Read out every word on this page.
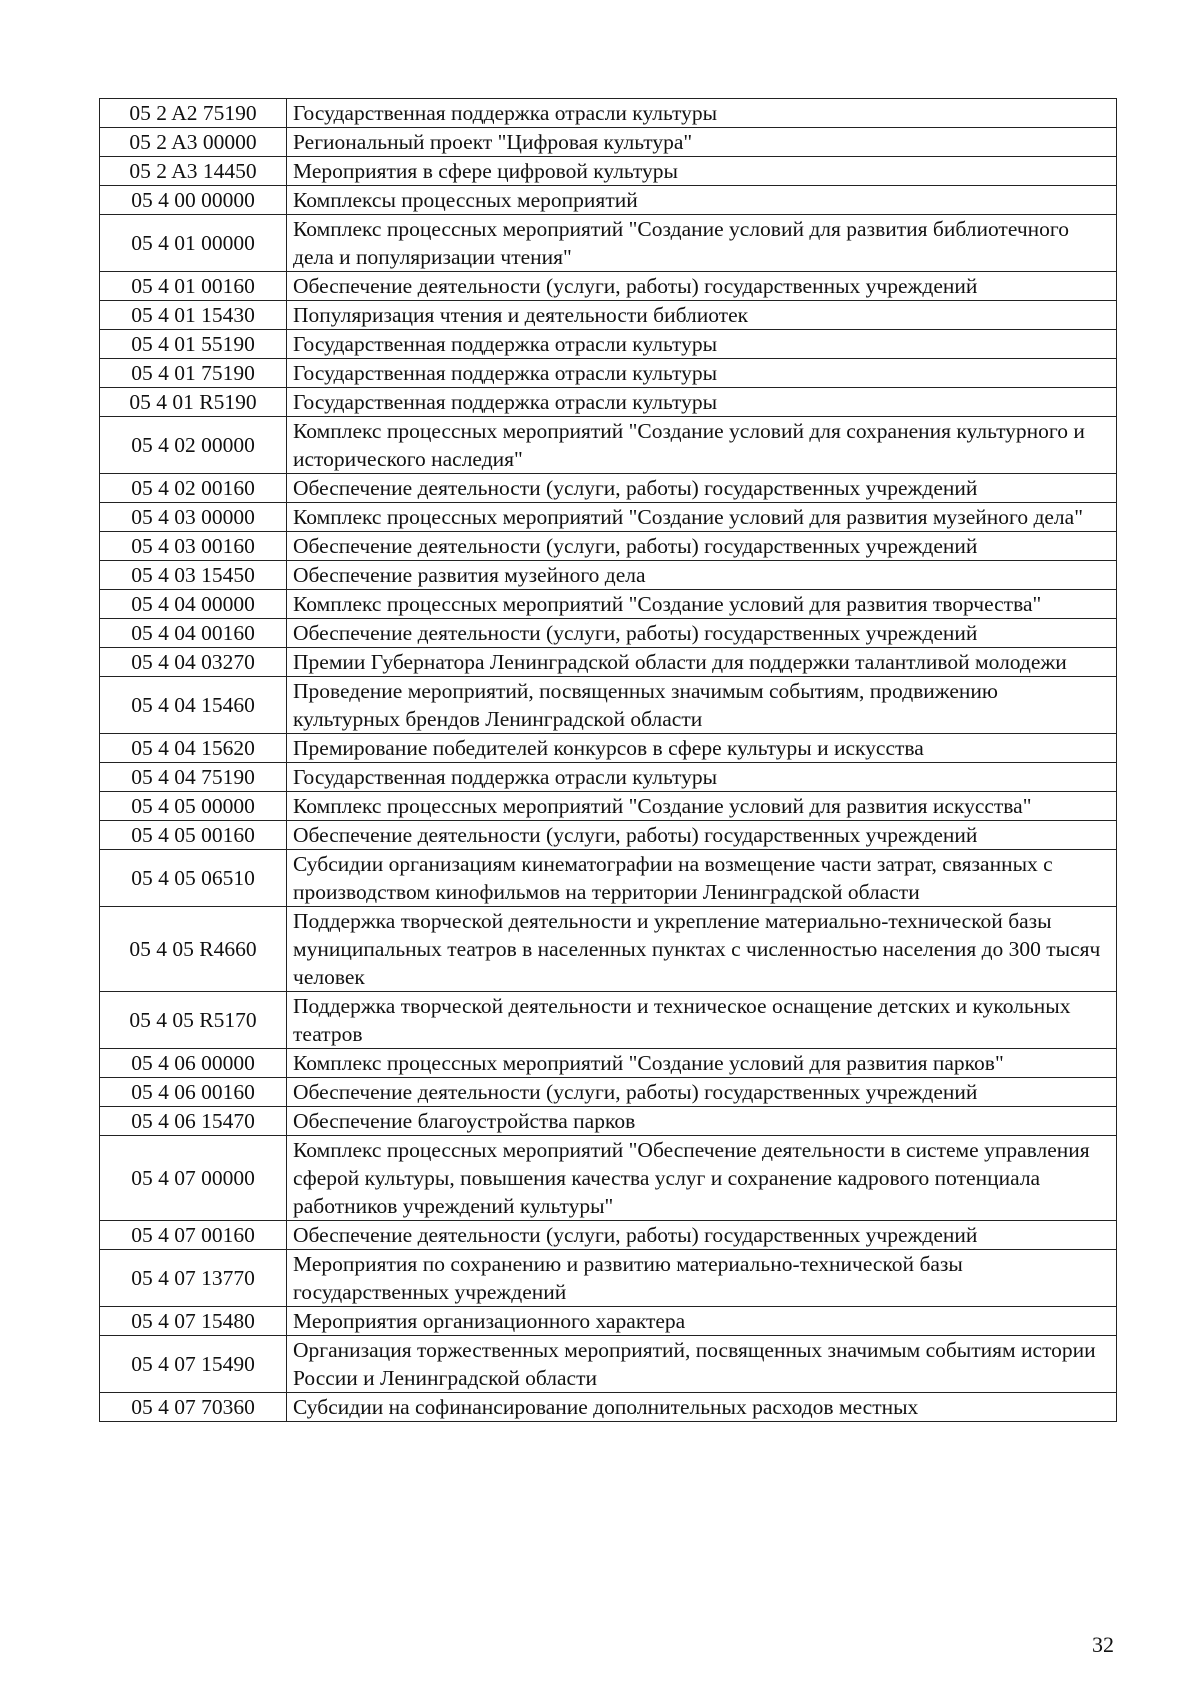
05 2 A2 75190	Государственная поддержка отрасли культуры
05 2 A3 00000	Региональный проект "Цифровая культура"
05 2 A3 14450	Мероприятия в сфере цифровой культуры
05 4 00 00000	Комплексы процессных мероприятий
05 4 01 00000	Комплекс процессных мероприятий "Создание условий для развития библиотечного дела и популяризации чтения"
05 4 01 00160	Обеспечение деятельности (услуги, работы) государственных учреждений
05 4 01 15430	Популяризация чтения и деятельности библиотек
05 4 01 55190	Государственная поддержка отрасли культуры
05 4 01 75190	Государственная поддержка отрасли культуры
05 4 01 R5190	Государственная поддержка отрасли культуры
05 4 02 00000	Комплекс процессных мероприятий "Создание условий для сохранения культурного и исторического наследия"
05 4 02 00160	Обеспечение деятельности (услуги, работы) государственных учреждений
05 4 03 00000	Комплекс процессных мероприятий "Создание условий для развития музейного дела"
05 4 03 00160	Обеспечение деятельности (услуги, работы) государственных учреждений
05 4 03 15450	Обеспечение развития музейного дела
05 4 04 00000	Комплекс процессных мероприятий "Создание условий для развития творчества"
05 4 04 00160	Обеспечение деятельности (услуги, работы) государственных учреждений
05 4 04 03270	Премии Губернатора Ленинградской области для поддержки талантливой молодежи
05 4 04 15460	Проведение мероприятий, посвященных значимым событиям, продвижению культурных брендов Ленинградской области
05 4 04 15620	Премирование победителей конкурсов в сфере культуры и искусства
05 4 04 75190	Государственная поддержка отрасли культуры
05 4 05 00000	Комплекс процессных мероприятий "Создание условий для развития искусства"
05 4 05 00160	Обеспечение деятельности (услуги, работы) государственных учреждений
05 4 05 06510	Субсидии организациям кинематографии на возмещение части затрат, связанных с производством кинофильмов на территории Ленинградской области
05 4 05 R4660	Поддержка творческой деятельности и укрепление материально-технической базы муниципальных театров в населенных пунктах с численностью населения до 300 тысяч человек
05 4 05 R5170	Поддержка творческой деятельности и техническое оснащение детских и кукольных театров
05 4 06 00000	Комплекс процессных мероприятий "Создание условий для развития парков"
05 4 06 00160	Обеспечение деятельности (услуги, работы) государственных учреждений
05 4 06 15470	Обеспечение благоустройства парков
05 4 07 00000	Комплекс процессных мероприятий "Обеспечение деятельности в системе управления сферой культуры, повышения качества услуг и сохранение кадрового потенциала работников учреждений культуры"
05 4 07 00160	Обеспечение деятельности (услуги, работы) государственных учреждений
05 4 07 13770	Мероприятия по сохранению и развитию материально-технической базы государственных учреждений
05 4 07 15480	Мероприятия организационного характера
05 4 07 15490	Организация торжественных мероприятий, посвященных значимым событиям истории России и Ленинградской области
05 4 07 70360	Субсидии на софинансирование дополнительных расходов местных
32
